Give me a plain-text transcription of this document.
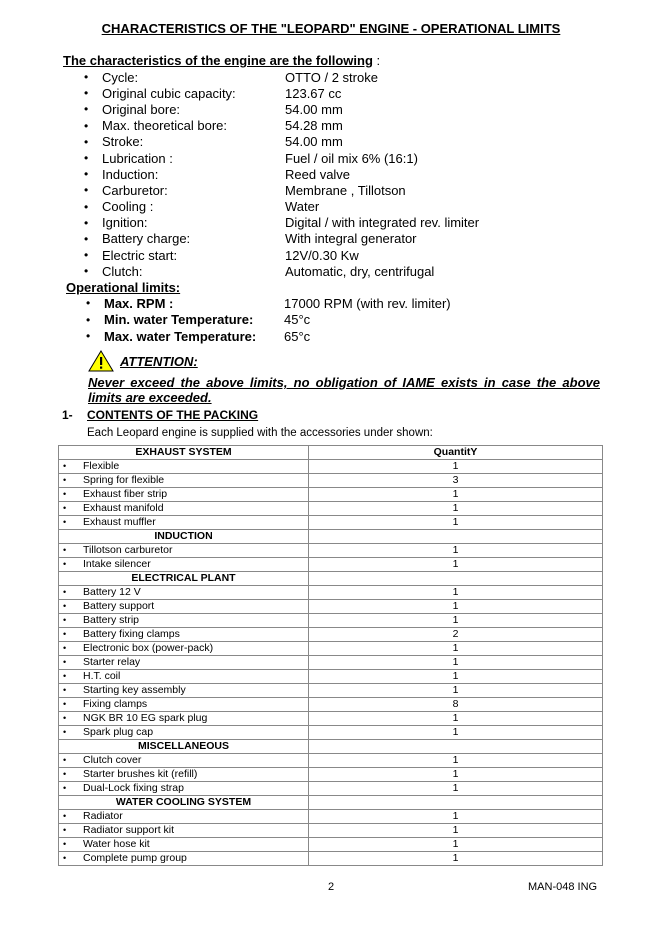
CHARACTERISTICS OF THE "LEOPARD" ENGINE - OPERATIONAL LIMITS
The characteristics of the engine are the following :
•	Cycle:	OTTO / 2 stroke
•	Original cubic capacity:	123.67 cc
•	Original bore:	54.00 mm
•	Max. theoretical bore:	54.28 mm
•	Stroke:	54.00 mm
•	Lubrication :	Fuel / oil mix 6% (16:1)
•	Induction:	Reed valve
•	Carburetor:	Membrane , Tillotson
•	Cooling :	Water
•	Ignition:	Digital / with integrated rev. limiter
•	Battery charge:	With integral generator
•	Electric start:	12V/0.30 Kw
•	Clutch:	Automatic, dry, centrifugal
Operational limits:
•	Max. RPM :	17000 RPM (with rev. limiter)
•	Min. water Temperature:	45°c
•	Max. water Temperature:	65°c
ATTENTION:
Never exceed the above limits, no obligation of IAME exists in case the above limits are exceeded.
1- CONTENTS OF THE PACKING
Each Leopard engine is supplied with the accessories under shown:
EXHAUST SYSTEM	QuantitY
• Flexible	1
• Spring for flexible	3
• Exhaust fiber strip	1
• Exhaust manifold	1
• Exhaust muffler	1
INDUCTION	
• Tillotson carburetor	1
• Intake silencer	1
ELECTRICAL PLANT	
• Battery 12 V	1
• Battery support	1
• Battery strip	1
• Battery fixing clamps	2
• Electronic box (power-pack)	1
• Starter relay	1
• H.T. coil	1
• Starting key assembly	1
• Fixing clamps	8
• NGK BR 10 EG spark plug	1
• Spark plug cap	1
MISCELLANEOUS	
• Clutch cover	1
• Starter brushes kit (refill)	1
• Dual-Lock fixing strap	1
WATER COOLING SYSTEM	
• Radiator	1
• Radiator support kit	1
• Water hose kit	1
• Complete pump group	1
2	MAN-048 ING
